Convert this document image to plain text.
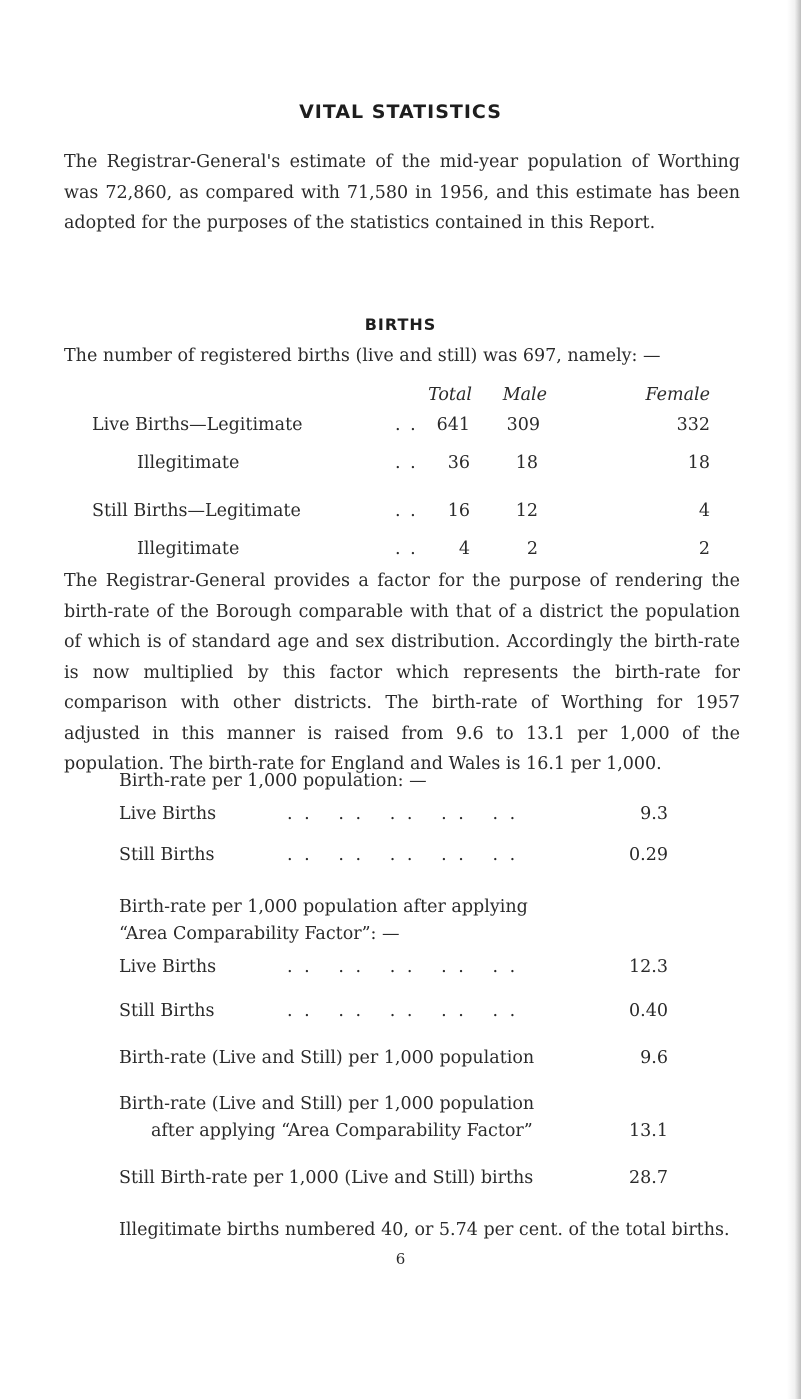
VITAL STATISTICS

The Registrar-General's estimate of the mid-year population of Worthing was 72,860, as compared with 71,580 in 1956, and this estimate has been adopted for the purposes of the statistics contained in this Report.

BIRTHS

The number of registered births (live and still) was 697, namely: —

Total	Male	Female
Live Births—Legitimate	. .	641	309	332
Illegitimate	. .	36	18	18
Still Births—Legitimate	. .	16	12	4
Illegitimate	. .	4	2	2

The Registrar-General provides a factor for the purpose of rendering the birth-rate of the Borough comparable with that of a district the population of which is of standard age and sex distribution. Accordingly the birth-rate is now multiplied by this factor which represents the birth-rate for comparison with other districts. The birth-rate of Worthing for 1957 adjusted in this manner is raised from 9.6 to 13.1 per 1,000 of the population. The birth-rate for England and Wales is 16.1 per 1,000.

Birth-rate per 1,000 population: —
Live Births	. .   . .   . .   . .   . .	9.3
Still Births	. .   . .   . .   . .   . .	0.29
Birth-rate per 1,000 population after applying
“Area Comparability Factor”: —
Live Births	. .   . .   . .   . .   . .	12.3
Still Births	. .   . .   . .   . .   . .	0.40
Birth-rate (Live and Still) per 1,000 population	9.6
Birth-rate (Live and Still) per 1,000 population
after applying “Area Comparability Factor”	13.1
Still Birth-rate per 1,000 (Live and Still) births	28.7
Illegitimate births numbered 40, or 5.74 per cent. of the total births.
6
